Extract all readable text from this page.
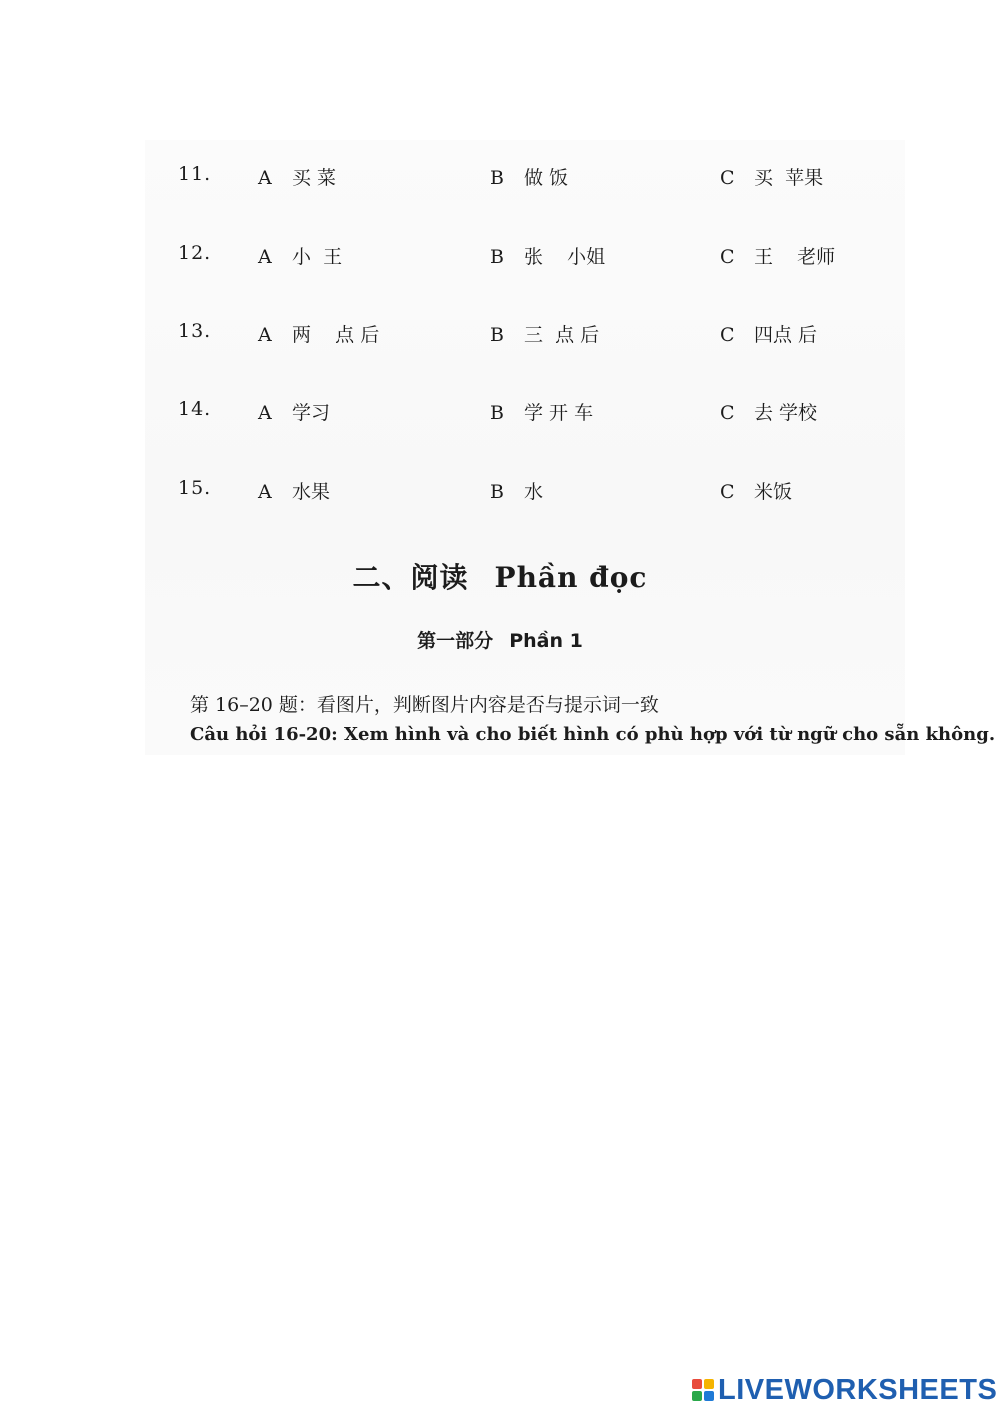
11. A 买 菜	B 做 饭	C 买  苹果
12. A 小  王	B 张    小姐	C 王    老师
13. A 两    点 后	B 三  点 后	C 四点 后
14. A 学习	B 学 开 车	C 去 学校
15. A 水果	B 水	C 米饭
二、阅读 Phần đọc
第一部分 Phần 1
第 16–20 题：看图片，判断图片内容是否与提示词一致
Câu hỏi 16-20: Xem hình và cho biết hình có phù hợp với từ ngữ cho sẵn không.
LIVEWORKSHEETS
